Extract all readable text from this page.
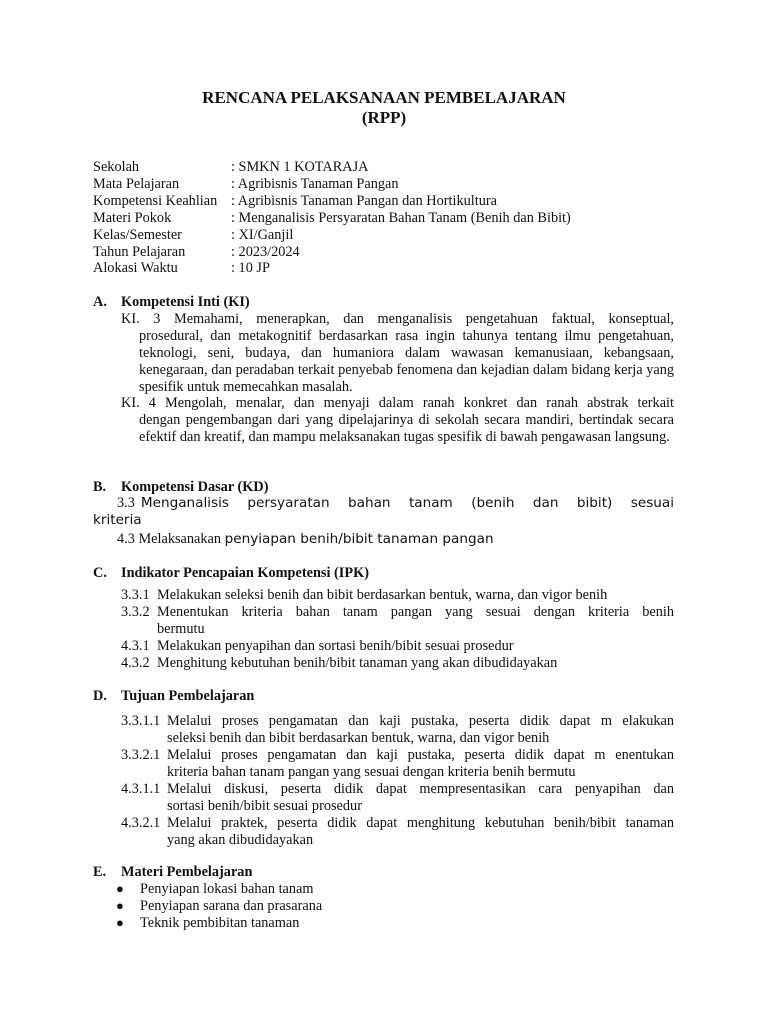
RENCANA PELAKSANAAN PEMBELAJARAN
(RPP)
Sekolah	: SMKN 1 KOTARAJA
Mata Pelajaran	: Agribisnis Tanaman Pangan
Kompetensi Keahlian : Agribisnis Tanaman Pangan dan Hortikultura
Materi Pokok	: Menganalisis Persyaratan Bahan Tanam (Benih dan Bibit)
Kelas/Semester	: XI/Ganjil
Tahun Pelajaran	: 2023/2024
Alokasi Waktu	: 10 JP
A. Kompetensi Inti (KI)
KI. 3 Memahami, menerapkan, dan menganalisis pengetahuan faktual, konseptual,
prosedural, dan metakognitif berdasarkan rasa ingin tahunya tentang ilmu pengetahuan, teknologi, seni, budaya, dan humaniora dalam wawasan kemanusiaan, kebangsaan, kenegaraan, dan peradaban terkait penyebab fenomena dan kejadian dalam bidang kerja yang spesifik untuk memecahkan masalah.
KI. 4 Mengolah, menalar, dan menyaji dalam ranah konkret dan ranah abstrak terkait
dengan pengembangan dari yang dipelajarinya di sekolah secara mandiri, bertindak secara efektif dan kreatif, dan mampu melaksanakan tugas spesifik di bawah pengawasan langsung.
B. Kompetensi Dasar (KD)
3.3 Menganalisis persyaratan bahan tanam (benih dan bibit) sesuai
kriteria
4.3 Melaksanakan penyiapan benih/bibit tanaman pangan
C. Indikator Pencapaian Kompetensi (IPK)
3.3.1 Melakukan seleksi benih dan bibit berdasarkan bentuk, warna, dan vigor benih
3.3.2 Menentukan kriteria bahan tanam pangan yang sesuai dengan kriteria benih
bermutu
4.3.1 Melakukan penyapihan dan sortasi benih/bibit sesuai prosedur
4.3.2 Menghitung kebutuhan benih/bibit tanaman yang akan dibudidayakan
D. Tujuan Pembelajaran
3.3.1.1 Melalui proses pengamatan dan kaji pustaka, peserta didik dapat m elakukan
seleksi benih dan bibit berdasarkan bentuk, warna, dan vigor benih
3.3.2.1 Melalui proses pengamatan dan kaji pustaka, peserta didik dapat m enentukan
kriteria bahan tanam pangan yang sesuai dengan kriteria benih bermutu
4.3.1.1 Melalui diskusi, peserta didik dapat mempresentasikan cara penyapihan dan
sortasi benih/bibit sesuai prosedur
4.3.2.1 Melalui praktek, peserta didik dapat menghitung kebutuhan benih/bibit tanaman
yang akan dibudidayakan
E. Materi Pembelajaran
● Penyiapan lokasi bahan tanam
● Penyiapan sarana dan prasarana
● Teknik pembibitan tanaman
